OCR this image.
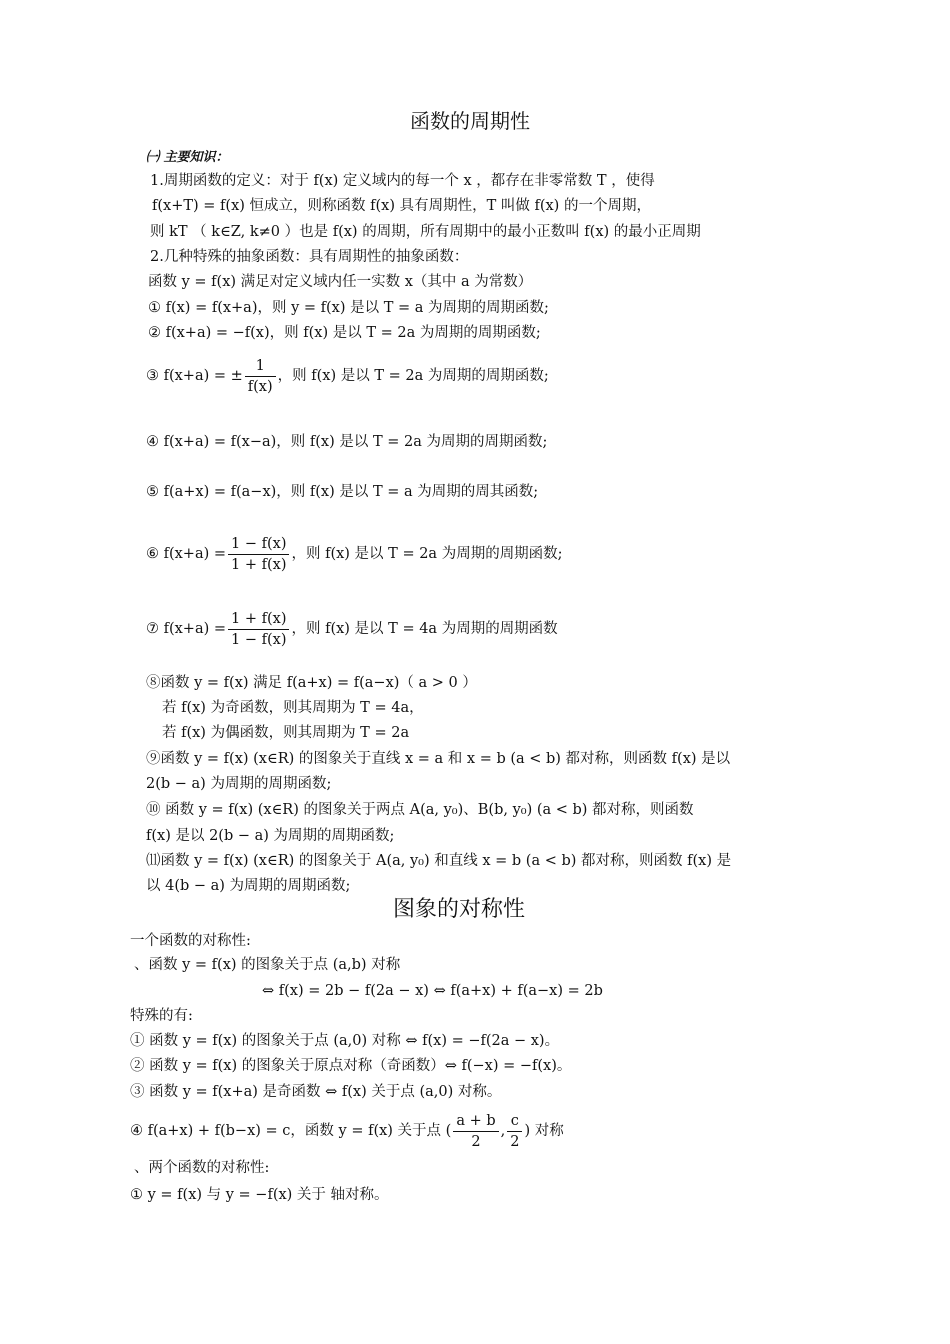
函数的周期性
㈠ 主要知识：
1.周期函数的定义：对于 f(x) 定义域内的每一个 x ，都存在非零常数 T ，使得
f(x+T) = f(x) 恒成立，则称函数 f(x) 具有周期性，T 叫做 f(x) 的一个周期，
则 kT （ k∈Z, k≠0 ）也是 f(x) 的周期，所有周期中的最小正数叫 f(x) 的最小正周期
2.几种特殊的抽象函数：具有周期性的抽象函数：
函数 y = f(x) 满足对定义域内任一实数 x（其中 a 为常数）
① f(x) = f(x+a)，则 y = f(x) 是以 T = a 为周期的周期函数;
② f(x+a) = −f(x)，则 f(x) 是以 T = 2a 为周期的周期函数;
③ f(x+a) = ± $\frac{1}{f(x)}$ ，则 f(x) 是以 T = 2a 为周期的周期函数;
④ f(x+a) = f(x−a)，则 f(x) 是以 T = 2a 为周期的周期函数;
⑤ f(a+x) = f(a−x)，则 f(x) 是以 T = a 为周期的周其函数;
⑥ $f(x+a) = \frac{1 - f(x)}{1 + f(x)}$ ，则 f(x) 是以 T = 2a 为周期的周期函数;
⑦ $f(x+a) = \frac{1 + f(x)}{1 - f(x)}$ ，则 f(x) 是以 T = 4a 为周期的周期函数
⑧函数 y = f(x) 满足 f(a+x) = f(a−x)（ a > 0 ）
若 f(x) 为奇函数，则其周期为 T = 4a，
若 f(x) 为偶函数，则其周期为 T = 2a
⑨函数 y = f(x) (x∈R) 的图象关于直线 x = a 和 x = b (a < b) 都对称，则函数 f(x) 是以
2(b − a) 为周期的周期函数;
⑩ 函数 y = f(x) (x∈R) 的图象关于两点 A(a, y₀)、B(b, y₀) (a < b) 都对称，则函数
f(x) 是以 2(b − a) 为周期的周期函数;
⑾函数 y = f(x) (x∈R) 的图象关于 A(a, y₀) 和直线 x = b (a < b) 都对称，则函数 f(x) 是
以 4(b − a) 为周期的周期函数;
图象的对称性
一个函数的对称性:
、函数 y = f(x) 的图象关于点 (a,b) 对称
⇔ f(x) = 2b − f(2a − x) ⇔ f(a+x) + f(a−x) = 2b
特殊的有:
① 函数 y = f(x) 的图象关于点 (a,0) 对称 ⇔ f(x) = −f(2a − x)。
② 函数 y = f(x) 的图象关于原点对称（奇函数）⇔ f(−x) = −f(x)。
③ 函数 y = f(x+a) 是奇函数 ⇔ f(x) 关于点 (a,0) 对称。
④ f(a+x) + f(b−x) = c，函数 y = f(x) 关于点 ( $\frac{a + b}{2}$ , $\frac{c}{2}$ ) 对称
、两个函数的对称性:
① y = f(x) 与 y = −f(x) 关于 轴对称。
